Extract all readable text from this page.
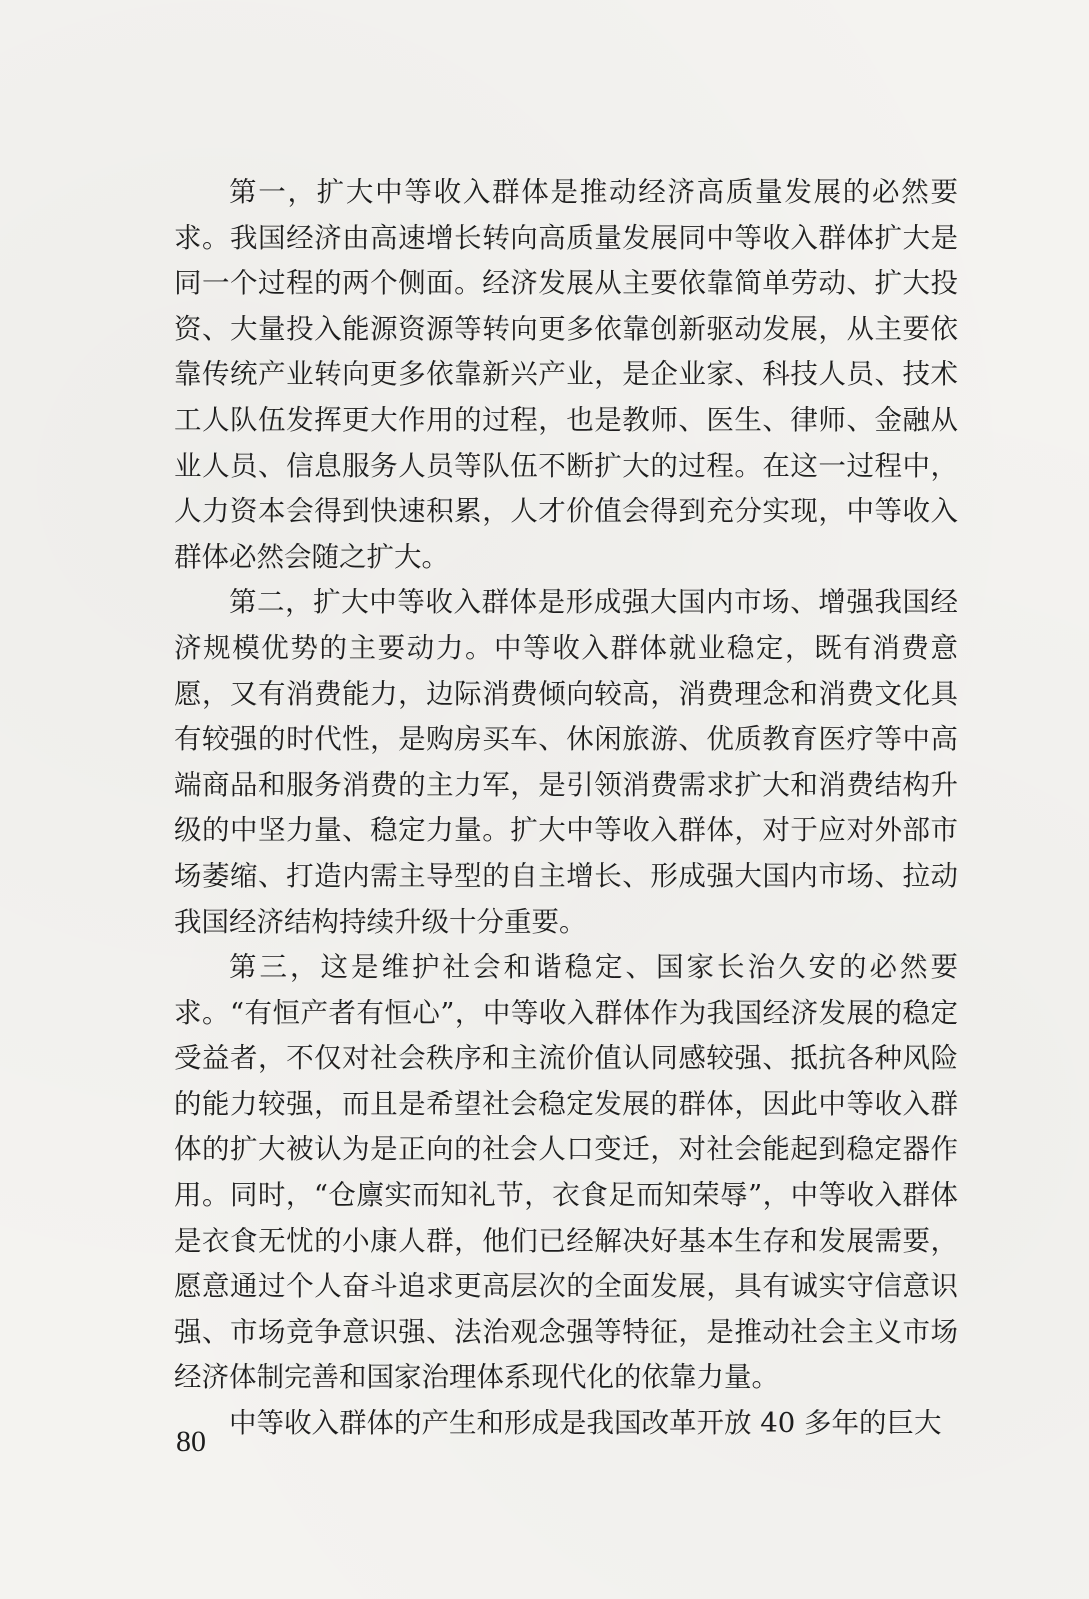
第一，扩大中等收入群体是推动经济高质量发展的必然要求。我国经济由高速增长转向高质量发展同中等收入群体扩大是同一个过程的两个侧面。经济发展从主要依靠简单劳动、扩大投资、大量投入能源资源等转向更多依靠创新驱动发展，从主要依靠传统产业转向更多依靠新兴产业，是企业家、科技人员、技术工人队伍发挥更大作用的过程，也是教师、医生、律师、金融从业人员、信息服务人员等队伍不断扩大的过程。在这一过程中，人力资本会得到快速积累，人才价值会得到充分实现，中等收入群体必然会随之扩大。

第二，扩大中等收入群体是形成强大国内市场、增强我国经济规模优势的主要动力。中等收入群体就业稳定，既有消费意愿，又有消费能力，边际消费倾向较高，消费理念和消费文化具有较强的时代性，是购房买车、休闲旅游、优质教育医疗等中高端商品和服务消费的主力军，是引领消费需求扩大和消费结构升级的中坚力量、稳定力量。扩大中等收入群体，对于应对外部市场萎缩、打造内需主导型的自主增长、形成强大国内市场、拉动我国经济结构持续升级十分重要。

第三，这是维护社会和谐稳定、国家长治久安的必然要求。“有恒产者有恒心”，中等收入群体作为我国经济发展的稳定受益者，不仅对社会秩序和主流价值认同感较强、抵抗各种风险的能力较强，而且是希望社会稳定发展的群体，因此中等收入群体的扩大被认为是正向的社会人口变迁，对社会能起到稳定器作用。同时，“仓廪实而知礼节，衣食足而知荣辱”，中等收入群体是衣食无忧的小康人群，他们已经解决好基本生存和发展需要，愿意通过个人奋斗追求更高层次的全面发展，具有诚实守信意识强、市场竞争意识强、法治观念强等特征，是推动社会主义市场经济体制完善和国家治理体系现代化的依靠力量。

中等收入群体的产生和形成是我国改革开放 40 多年的巨大

80
